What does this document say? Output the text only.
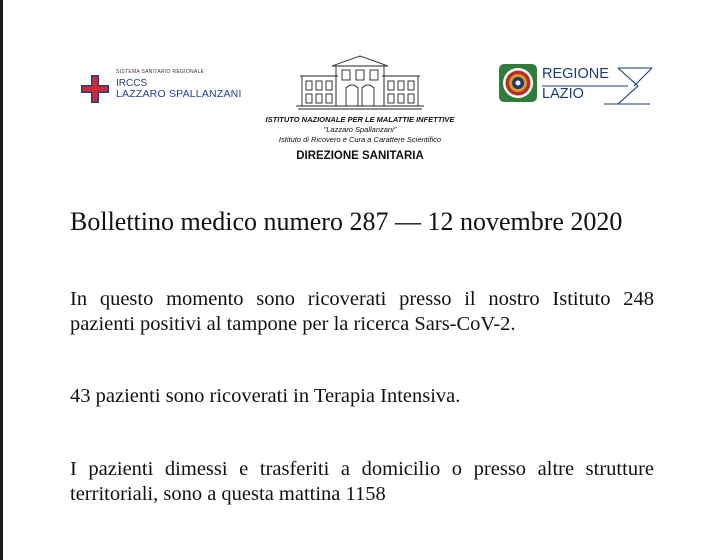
SISTEMA SANITARIO REGIONALE
IRCCS
LAZZARO SPALLANZANI
ISTITUTO NAZIONALE PER LE MALATTIE INFETTIVE
"Lazzaro Spallanzani"
Istituto di Ricovero e Cura a Carattere Scientifico
DIREZIONE SANITARIA
REGIONE
LAZIO
Bollettino medico numero 287 — 12 novembre 2020

In questo momento sono ricoverati presso il nostro Istituto 248 pazienti positivi al tampone per la ricerca Sars-CoV-2.

43 pazienti sono ricoverati in Terapia Intensiva.

I pazienti dimessi e trasferiti a domicilio o presso altre strutture territoriali, sono a questa mattina 1158
